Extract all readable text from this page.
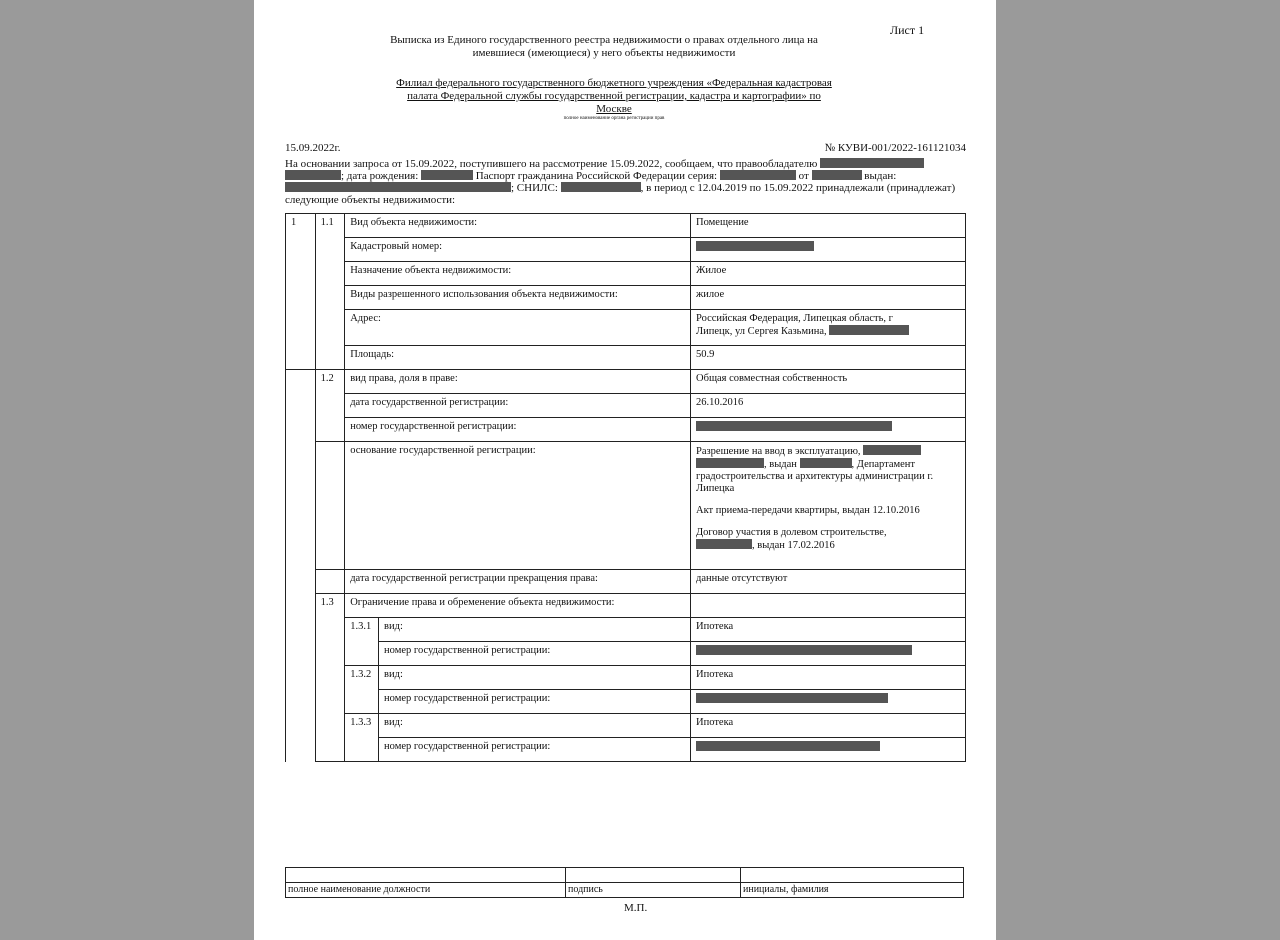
Лист 1
Выписка из Единого государственного реестра недвижимости о правах отдельного лица на
имевшиеся (имеющиеся) у него объекты недвижимости
Филиал федерального государственного бюджетного учреждения «Федеральная кадастровая
палата Федеральной службы государственной регистрации, кадастра и картографии» по
Москве
полное наименование органа регистрации прав
15.09.2022г.	№ КУВИ-001/2022-161121034
На основании запроса от 15.09.2022, поступившего на рассмотрение 15.09.2022, сообщаем, что правообладателю  ; дата рождения:	Паспорт гражданина Российской Федерации серия:	от	выдан: ; СНИЛС:	, в период с 12.04.2019 по 15.09.2022 принадлежали (принадлежат) следующие объекты недвижимости:
1	1.1	Вид объекта недвижимости:		Помещение
		Кадастровый номер:		
		Назначение объекта недвижимости:		Жилое
		Виды разрешенного использования объекта недвижимости:		жилое
		Адрес:		Российская Федерация, Липецкая область, г
Липецк, ул Сергея Казьмина,

		Площадь:		50.9
	1.2	вид права, доля в праве:		Общая совместная собственность
		дата государственной регистрации:		26.10.2016
		номер государственной регистрации:		
		основание государственной регистрации:		Разрешение на ввод в эксплуатацию,
, выдан , Департамент градостроительства и архитектуры администрации г. Липецка
Акт приема-передачи квартиры, выдан 12.10.2016
Договор участия в долевом строительстве,
, выдан 17.02.2016

		дата государственной регистрации прекращения права:		данные отсутствуют
	1.3	Ограничение права и обременение объекта недвижимости:		
		1.3.1	вид:	Ипотека
			номер государственной регистрации:	
		1.3.2	вид:	Ипотека
			номер государственной регистрации:	
		1.3.3	вид:	Ипотека
			номер государственной регистрации:	

полное наименование должности	подпись	инициалы, фамилия
М.П.
